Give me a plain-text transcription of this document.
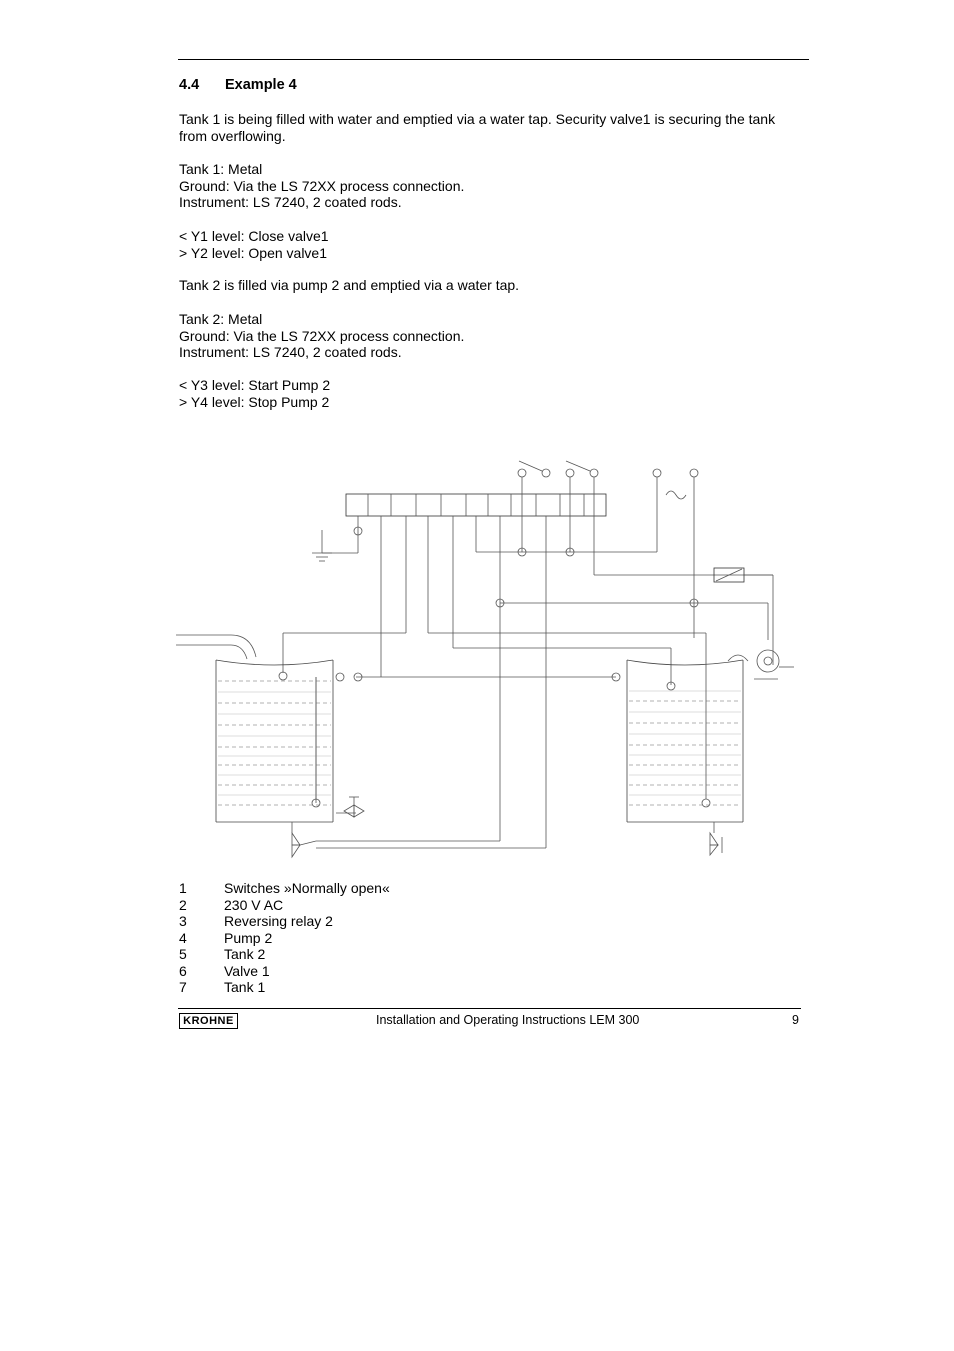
4.4 Example 4

Tank 1 is being filled with water and emptied via a water tap. Security valve1 is securing the tank
from overflowing.

Tank 1: Metal
Ground: Via the LS 72XX process connection.
Instrument: LS 7240, 2 coated rods.

< Y1 level: Close valve1
> Y2 level: Open valve1

Tank 2 is filled via pump 2 and emptied via a water tap.

Tank 2: Metal
Ground: Via the LS 72XX process connection.
Instrument: LS 7240, 2 coated rods.

< Y3 level: Start Pump 2
> Y4 level: Stop Pump 2

1	Switches »Normally open«
2	230 V AC
3	Reversing relay 2
4	Pump 2
5	Tank 2
6	Valve 1
7	Tank 1
KROHNE	Installation and Operating Instructions LEM 300	9
